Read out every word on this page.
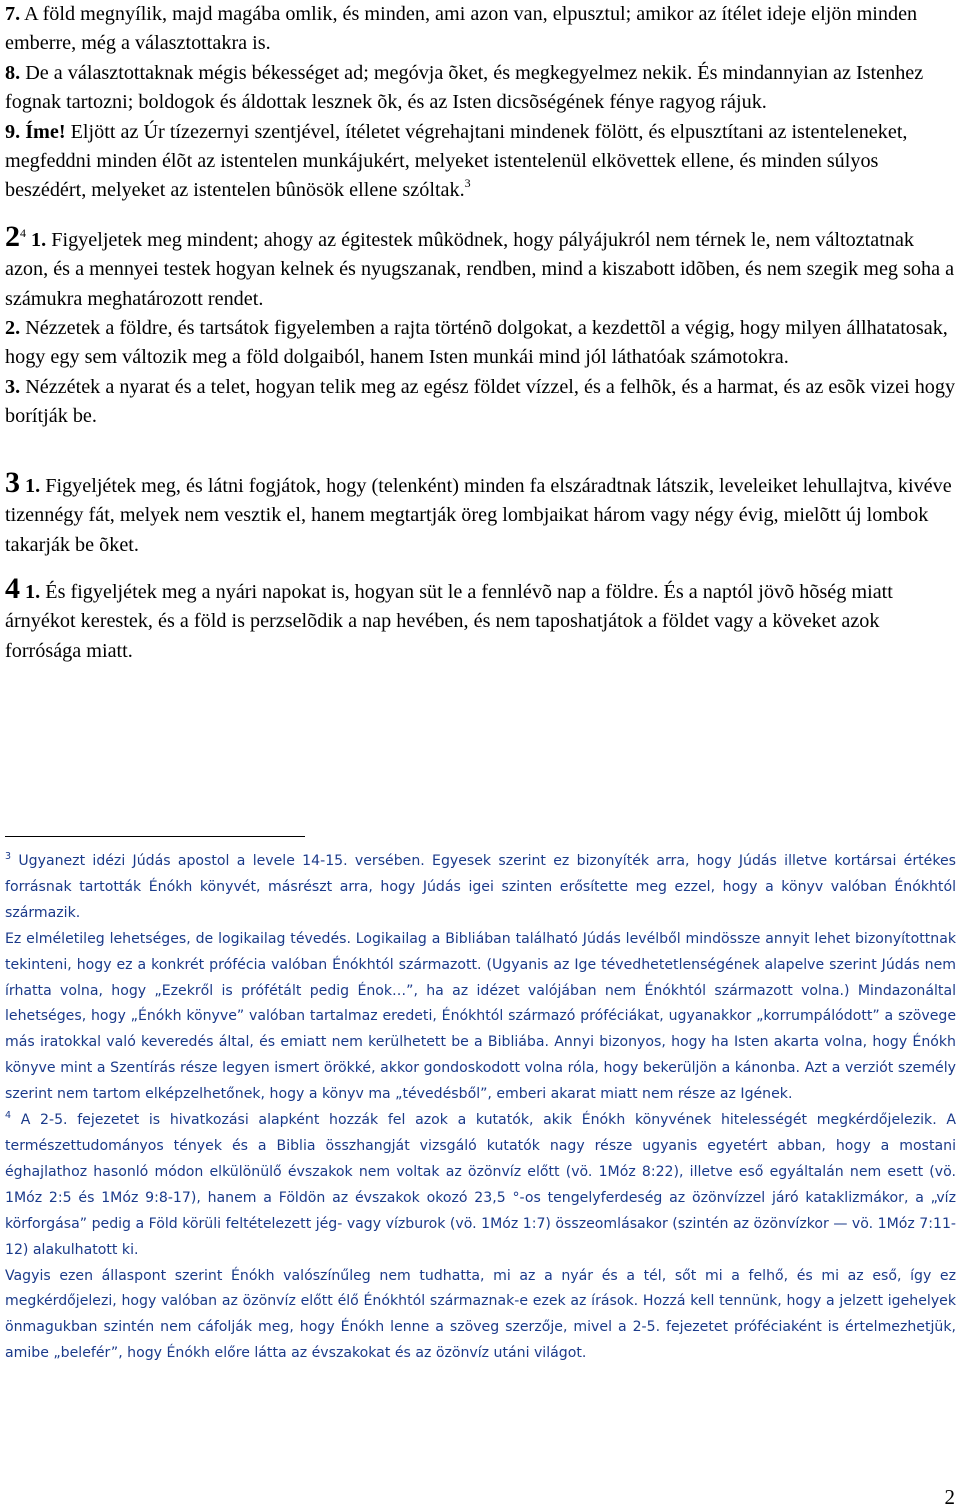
7. A föld megnyílik, majd magába omlik, és minden, ami azon van, elpusztul; amikor az ítélet ideje eljön minden emberre, még a választottakra is.

8. De a választottaknak mégis békességet ad; megóvja õket, és megkegyelmez nekik. És mindannyian az Istenhez fognak tartozni; boldogok és áldottak lesznek õk, és az Isten dicsõségének fénye ragyog rájuk.

9. Íme! Eljött az Úr tízezernyi szentjével, ítéletet végrehajtani mindenek fölött, és elpusztítani az istenteleneket, megfeddni minden élõt az istentelen munkájukért, melyeket istentelenül elkövettek ellene, és minden súlyos beszédért, melyeket az istentelen bûnösök ellene szóltak.$^3$

$2^4$ 1. Figyeljetek meg mindent; ahogy az égitestek mûködnek, hogy pályájukról nem térnek le, nem változtatnak azon, és a mennyei testek hogyan kelnek és nyugszanak, rendben, mind a kiszabott idõben, és nem szegik meg soha a számukra meghatározott rendet.

2. Nézzetek a földre, és tartsátok figyelemben a rajta történõ dolgokat, a kezdettõl a végig, hogy milyen állhatatosak, hogy egy sem változik meg a föld dolgaiból, hanem Isten munkái mind jól láthatóak számotokra.

3. Nézzétek a nyarat és a telet, hogyan telik meg az egész földet vízzel, és a felhõk, és a harmat, és az esõk vizei hogy borítják be.

3 1. Figyeljétek meg, és látni fogjátok, hogy (telenként) minden fa elszáradtnak látszik, leveleiket lehullajtva, kivéve tizennégy fát, melyek nem vesztik el, hanem megtartják öreg lombjaikat három vagy négy évig, mielõtt új lombok takarják be õket.

4 1. És figyeljétek meg a nyári napokat is, hogyan süt le a fennlévõ nap a földre. És a naptól jövõ hõség miatt árnyékot kerestek, és a föld is perzselõdik a nap hevében, és nem taposhatjátok a földet vagy a köveket azok forrósága miatt.

$^3$ Ugyanezt idézi Júdás apostol a levele 14-15. versében. Egyesek szerint ez bizonyíték arra, hogy Júdás illetve kortársai értékes forrásnak tartották Énókh könyvét, másrészt arra, hogy Júdás igei szinten erősítette meg ezzel, hogy a könyv valóban Énókhtól származik.

Ez elméletileg lehetséges, de logikailag tévedés. Logikailag a Bibliában található Júdás levélből mindössze annyit lehet bizonyítottnak tekinteni, hogy ez a konkrét prófécia valóban Énókhtól származott. (Ugyanis az Ige tévedhetetlenségének alapelve szerint Júdás nem írhatta volna, hogy „Ezekről is prófétált pedig Énok…”, ha az idézet valójában nem Énókhtól származott volna.) Mindazonáltal lehetséges, hogy „Énókh könyve” valóban tartalmaz eredeti, Énókhtól származó próféciákat, ugyanakkor „korrumpálódott” a szövege más iratokkal való keveredés által, és emiatt nem kerülhetett be a Bibliába. Annyi bizonyos, hogy ha Isten akarta volna, hogy Énókh könyve mint a Szentírás része legyen ismert örökké, akkor gondoskodott volna róla, hogy bekerüljön a kánonba. Azt a verziót személy szerint nem tartom elképzelhetőnek, hogy a könyv ma „tévedésből”, emberi akarat miatt nem része az Igének.

$^4$ A 2-5. fejezetet is hivatkozási alapként hozzák fel azok a kutatók, akik Énókh könyvének hitelességét megkérdőjelezik. A természettudományos tények és a Biblia összhangját vizsgáló kutatók nagy része ugyanis egyetért abban, hogy a mostani éghajlathoz hasonló módon elkülönülő évszakok nem voltak az özönvíz előtt (vö. 1Móz 8:22), illetve eső egyáltalán nem esett (vö. 1Móz 2:5 és 1Móz 9:8-17), hanem a Földön az évszakok okozó 23,5 °-os tengelyferdeség az özönvízzel járó kataklizmákor, a „víz körforgása” pedig a Föld körüli feltételezett jég- vagy vízburok (vö. 1Móz 1:7) összeomlásakor (szintén az özönvízkor — vö. 1Móz 7:11-12) alakulhatott ki.

Vagyis ezen állaspont szerint Énókh valószínűleg nem tudhatta, mi az a nyár és a tél, sőt mi a felhő, és mi az eső, így ez megkérdőjelezi, hogy valóban az özönvíz előtt élő Énókhtól származnak-e ezek az írások. Hozzá kell tennünk, hogy a jelzett igehelyek önmagukban szintén nem cáfolják meg, hogy Énókh lenne a szöveg szerzője, mivel a 2-5. fejezetet próféciaként is értelmezhetjük, amibe „belefér”, hogy Énókh előre látta az évszakokat és az özönvíz utáni világot.

2
